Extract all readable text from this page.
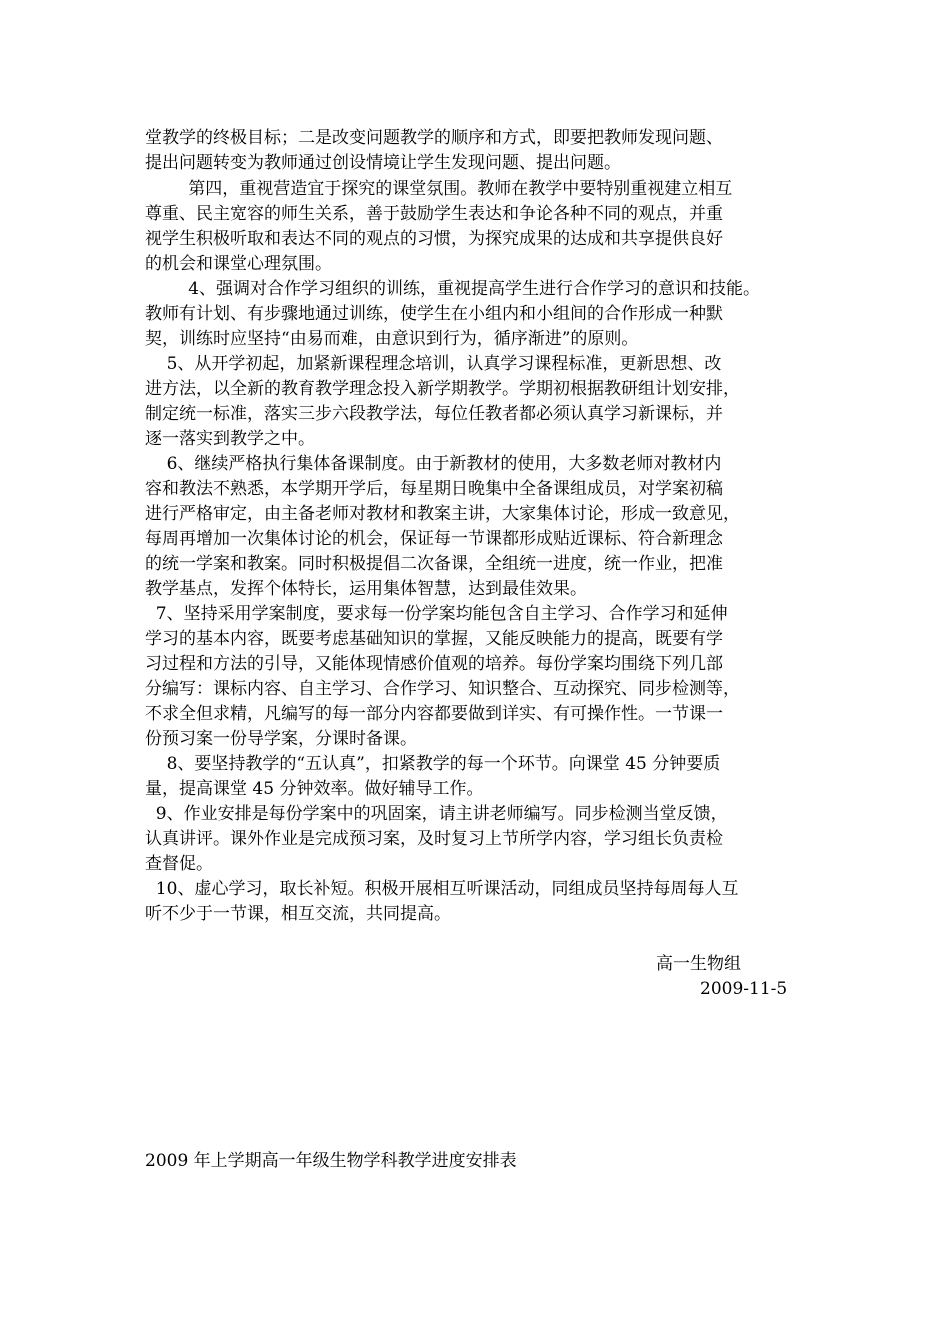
堂教学的终极目标；二是改变问题教学的顺序和方式，即要把教师发现问题、
提出问题转变为教师通过创设情境让学生发现问题、提出问题。
第四，重视营造宜于探究的课堂氛围。教师在教学中要特别重视建立相互
尊重、民主宽容的师生关系，善于鼓励学生表达和争论各种不同的观点，并重
视学生积极听取和表达不同的观点的习惯，为探究成果的达成和共享提供良好
的机会和课堂心理氛围。
4、强调对合作学习组织的训练，重视提高学生进行合作学习的意识和技能。
教师有计划、有步骤地通过训练，使学生在小组内和小组间的合作形成一种默
契，训练时应坚持“由易而难，由意识到行为，循序渐进”的原则。
5、从开学初起，加紧新课程理念培训，认真学习课程标准，更新思想、改
进方法，以全新的教育教学理念投入新学期教学。学期初根据教研组计划安排，
制定统一标准，落实三步六段教学法，每位任教者都必须认真学习新课标，并
逐一落实到教学之中。
6、继续严格执行集体备课制度。由于新教材的使用，大多数老师对教材内
容和教法不熟悉，本学期开学后，每星期日晚集中全备课组成员，对学案初稿
进行严格审定，由主备老师对教材和教案主讲，大家集体讨论，形成一致意见，
每周再增加一次集体讨论的机会，保证每一节课都形成贴近课标、符合新理念
的统一学案和教案。同时积极提倡二次备课，全组统一进度，统一作业，把准
教学基点，发挥个体特长，运用集体智慧，达到最佳效果。
7、坚持采用学案制度，要求每一份学案均能包含自主学习、合作学习和延伸
学习的基本内容，既要考虑基础知识的掌握，又能反映能力的提高，既要有学
习过程和方法的引导，又能体现情感价值观的培养。每份学案均围绕下列几部
分编写：课标内容、自主学习、合作学习、知识整合、互动探究、同步检测等，
不求全但求精，凡编写的每一部分内容都要做到详实、有可操作性。一节课一
份预习案一份导学案，分课时备课。
8、要坚持教学的“五认真”，扣紧教学的每一个环节。向课堂 45 分钟要质
量，提高课堂 45 分钟效率。做好辅导工作。
9、作业安排是每份学案中的巩固案，请主讲老师编写。同步检测当堂反馈，
认真讲评。课外作业是完成预习案，及时复习上节所学内容，学习组长负责检
查督促。
10、虚心学习，取长补短。积极开展相互听课活动，同组成员坚持每周每人互
听不少于一节课，相互交流，共同提高。
高一生物组
2009-11-5
2009 年上学期高一年级生物学科教学进度安排表
